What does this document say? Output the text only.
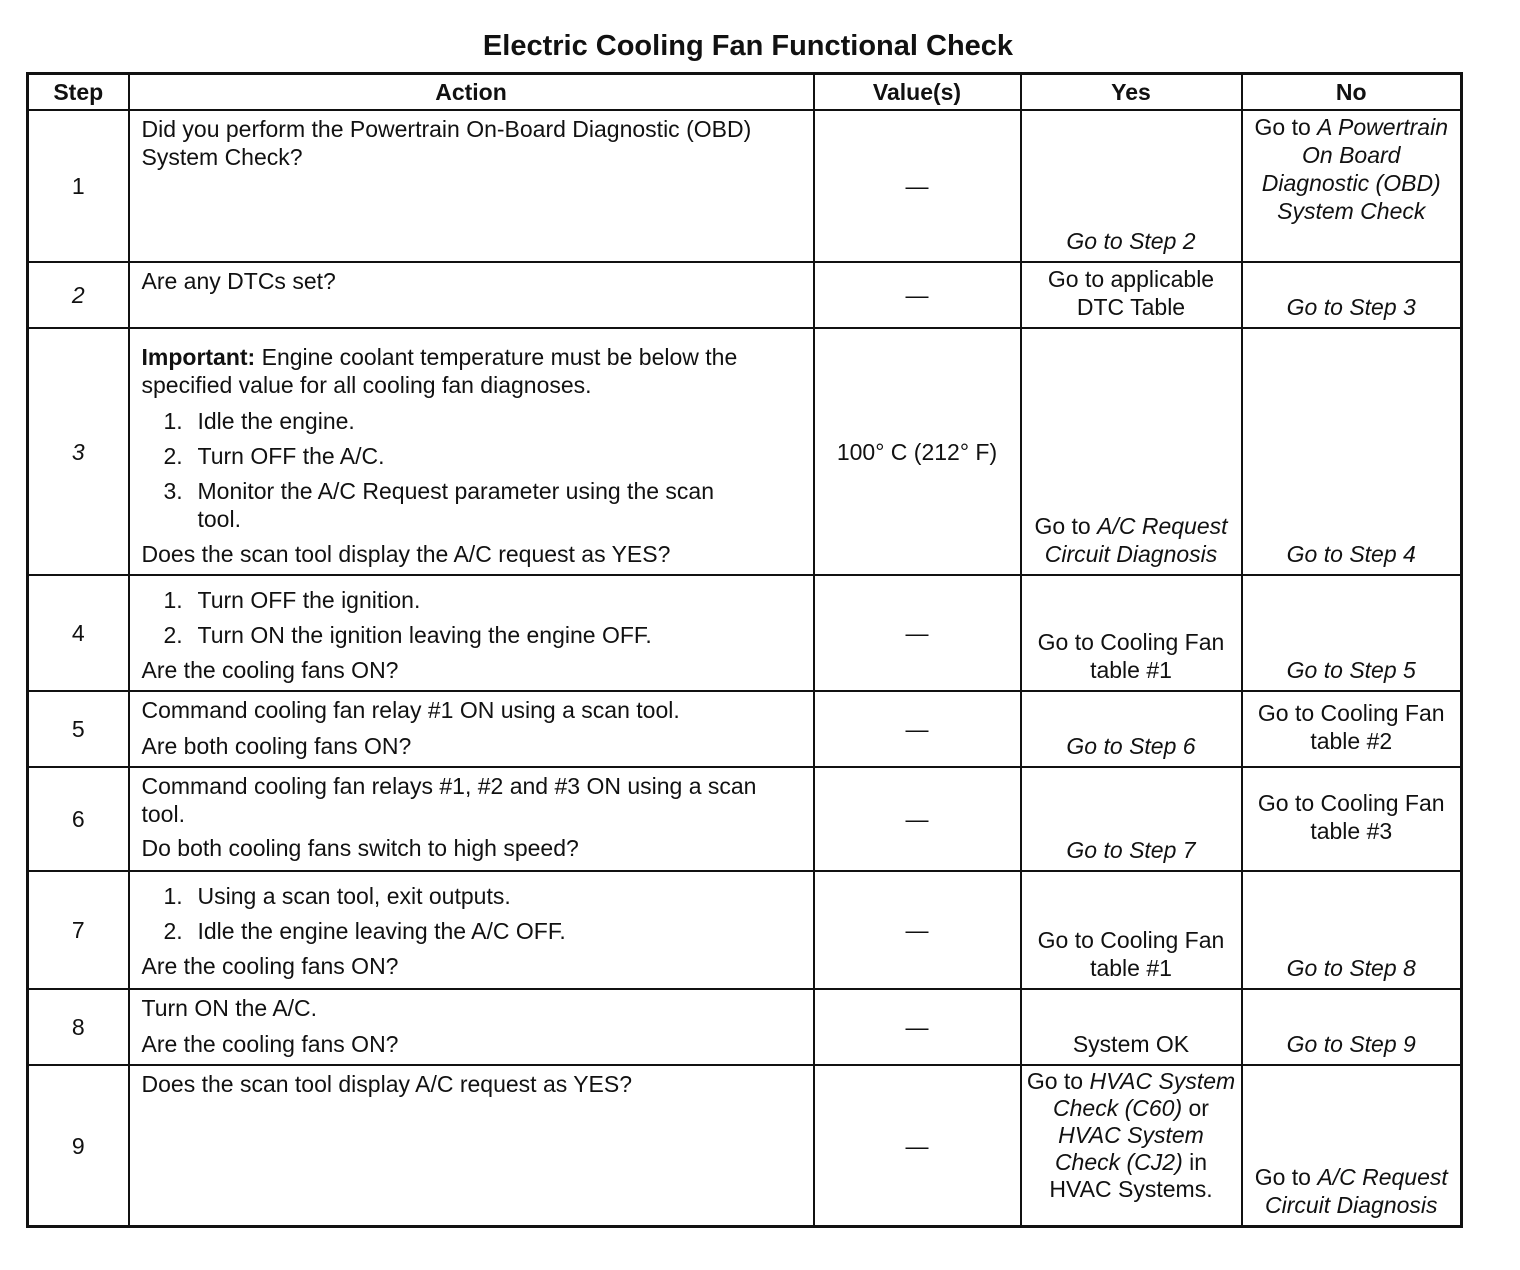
Electric Cooling Fan Functional Check
Step	Action	Value(s)	Yes	No
1	Did you perform the Powertrain On-Board Diagnostic (OBD) System Check?	—	Go to Step 2	Go to A Powertrain On Board Diagnostic (OBD) System Check
2	Are any DTCs set?	—	Go to applicable DTC Table	Go to Step 3
3	Important: Engine coolant temperature must be below the specified value for all cooling fan diagnoses.
1. Idle the engine.
2. Turn OFF the A/C.
3. Monitor the A/C Request parameter using the scan tool.
Does the scan tool display the A/C request as YES?	100° C (212° F)	Go to A/C Request Circuit Diagnosis	Go to Step 4
4	1. Turn OFF the ignition.
2. Turn ON the ignition leaving the engine OFF.
Are the cooling fans ON?	—	Go to Cooling Fan table #1	Go to Step 5
5	Command cooling fan relay #1 ON using a scan tool.
Are both cooling fans ON?	—	Go to Step 6	Go to Cooling Fan table #2
6	Command cooling fan relays #1, #2 and #3 ON using a scan tool.
Do both cooling fans switch to high speed?	—	Go to Step 7	Go to Cooling Fan table #3
7	1. Using a scan tool, exit outputs.
2. Idle the engine leaving the A/C OFF.
Are the cooling fans ON?	—	Go to Cooling Fan table #1	Go to Step 8
8	Turn ON the A/C.
Are the cooling fans ON?	—	System OK	Go to Step 9
9	Does the scan tool display A/C request as YES?	—	Go to HVAC System Check (C60) or HVAC System Check (CJ2) in HVAC Systems.	Go to A/C Request Circuit Diagnosis
